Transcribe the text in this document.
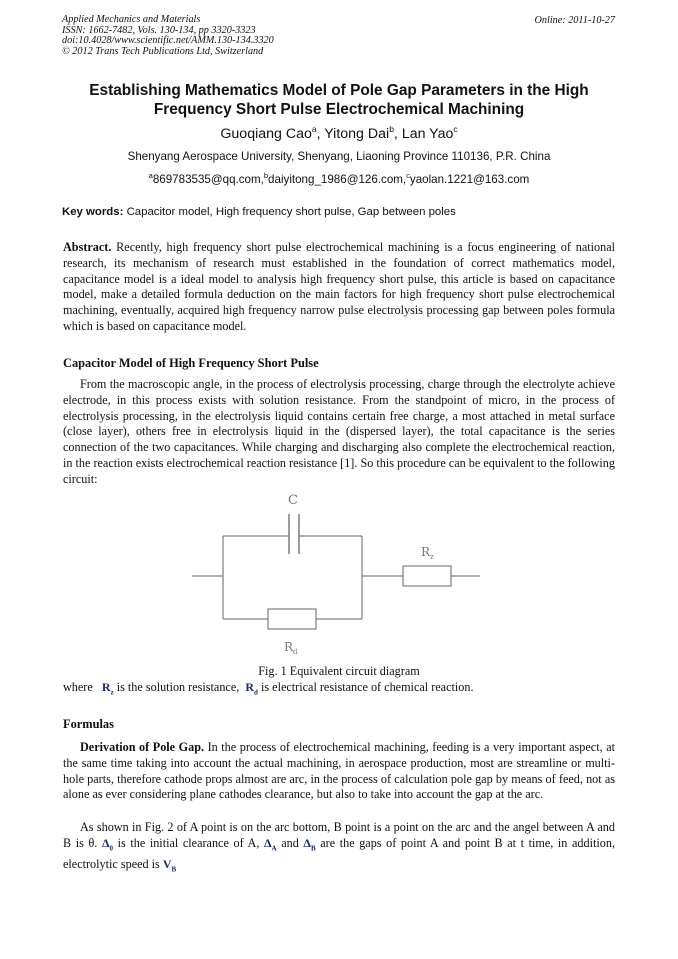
Applied Mechanics and Materials
ISSN: 1662-7482, Vols. 130-134, pp 3320-3323
doi:10.4028/www.scientific.net/AMM.130-134.3320
© 2012 Trans Tech Publications Ltd, Switzerland
Online: 2011-10-27
Establishing Mathematics Model of Pole Gap Parameters in the High
Frequency Short Pulse Electrochemical Machining
Guoqiang Cao$^a$, Yitong Dai$^b$, Lan Yao$^c$
Shenyang Aerospace University, Shenyang, Liaoning Province 110136, P.R. China
$^a$869783535@qq.com,$^b$daiyitong_1986@126.com,$^c$yaolan.1221@163.com
Key words: Capacitor model, High frequency short pulse, Gap between poles
Abstract. Recently, high frequency short pulse electrochemical machining is a focus engineering of national research, its mechanism of research must established in the foundation of correct mathematics model, capacitance model is a ideal model to analysis high frequency short pulse, this article is based on capacitance model, make a detailed formula deduction on the main factors for high frequency short pulse electrochemical machining, eventually, acquired high frequency narrow pulse electrolysis processing gap between poles formula which is based on capacitance model.
Capacitor Model of High Frequency Short Pulse
From the macroscopic angle, in the process of electrolysis processing, charge through the electrolyte achieve electrode, in this process exists with solution resistance. From the standpoint of micro, in the process of electrolysis processing, in the electrolysis liquid contains certain free charge, a most attached in metal surface (close layer), others free in electrolysis liquid in the (dispersed layer), the total capacitance is the series connection of the two capacitances. While charging and discharging also complete the electrochemical reaction, in the reaction exists electrochemical reaction resistance [1]. So this procedure can be equivalent to the following circuit:
C
R z
R d
Fig. 1 Equivalent circuit diagram
where $R_z$ is the solution resistance,  $R_d$ is electrical resistance of chemical reaction.
Formulas
Derivation of Pole Gap. In the process of electrochemical machining, feeding is a very important aspect, at the same time taking into account the actual machining, in aerospace production, most are streamline or multi-hole parts, therefore cathode props almost are arc, in the process of calculation pole gap by means of feed, not as alone as ever considering plane cathodes clearance, but also to take into account the gap at the arc.
As shown in Fig. 2 of A point is on the arc bottom, B point is a point on the arc and the angel between A and B is θ. $\Delta_0$ is the initial clearance of A, $\Delta_A$ and $\Delta_B$ are the gaps of point A and point B at t time, in addition, electrolytic speed is $V_B$
